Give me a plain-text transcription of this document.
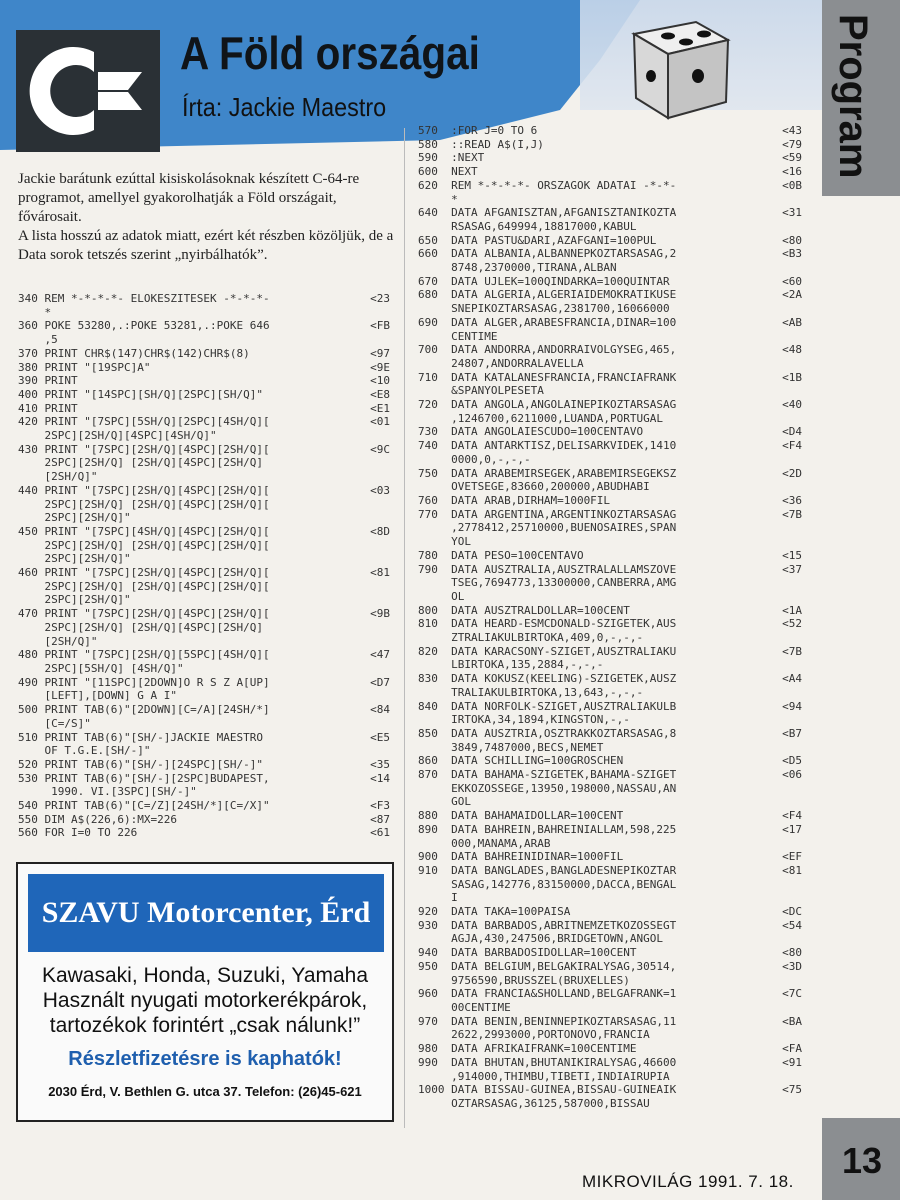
A Föld országai
Írta: Jackie Maestro	Program

Jackie barátunk ezúttal kisiskolásoknak készített C-64-re programot, amellyel gyakorolhatják a Föld országait, fővárosait.

A lista hosszú az adatok miatt, ezért két részben közöljük, de a Data sorok tetszés szerint „nyirbálhatók”.

340 REM *-*-*-*- ELOKESZITESEK -*-*-*-	<23
*
360 POKE 53280,.:POKE 53281,.:POKE 646	<FB
,5
370 PRINT CHR$(147)CHR$(142)CHR$(8)	<97
380 PRINT "[19SPC]A"	<9E
390 PRINT	<10
400 PRINT "[14SPC][SH/Q][2SPC][SH/Q]"	<E8
410 PRINT	<E1
420 PRINT "[7SPC][5SH/Q][2SPC][4SH/Q][	<01
2SPC][2SH/Q][4SPC][4SH/Q]"
430 PRINT "[7SPC][2SH/Q][4SPC][2SH/Q][	<9C
2SPC][2SH/Q] [2SH/Q][4SPC][2SH/Q]
[2SH/Q]"
440 PRINT "[7SPC][2SH/Q][4SPC][2SH/Q][	<03
2SPC][2SH/Q] [2SH/Q][4SPC][2SH/Q][
2SPC][2SH/Q]"
450 PRINT "[7SPC][4SH/Q][4SPC][2SH/Q][	<8D
2SPC][2SH/Q] [2SH/Q][4SPC][2SH/Q][
2SPC][2SH/Q]"
460 PRINT "[7SPC][2SH/Q][4SPC][2SH/Q][	<81
2SPC][2SH/Q] [2SH/Q][4SPC][2SH/Q][
2SPC][2SH/Q]"
470 PRINT "[7SPC][2SH/Q][4SPC][2SH/Q][	<9B
2SPC][2SH/Q] [2SH/Q][4SPC][2SH/Q]
[2SH/Q]"
480 PRINT "[7SPC][2SH/Q][5SPC][4SH/Q][	<47
2SPC][5SH/Q] [4SH/Q]"
490 PRINT "[11SPC][2DOWN]O R S Z A[UP]	<D7
[LEFT],[DOWN] G A I"
500 PRINT TAB(6)"[2DOWN][C=/A][24SH/*]	<84
[C=/S]"
510 PRINT TAB(6)"[SH/-]JACKIE MAESTRO	<E5
OF T.G.E.[SH/-]"
520 PRINT TAB(6)"[SH/-][24SPC][SH/-]"	<35
530 PRINT TAB(6)"[SH/-][2SPC]BUDAPEST,	<14
1990. VI.[3SPC][SH/-]"
540 PRINT TAB(6)"[C=/Z][24SH/*][C=/X]"	<F3
550 DIM A$(226,6):MX=226	<87
560 FOR I=0 TO 226	<61
570  :FOR J=0 TO 6	<43
580  ::READ A$(I,J)	<79
590  :NEXT	<59
600  NEXT	<16
620  REM *-*-*-*- ORSZAGOK ADATAI -*-*-	<0B
*
640  DATA AFGANISZTAN,AFGANISZTANIKOZTA	<31
RSASAG,649994,18817000,KABUL
650  DATA PASTU&DARI,AZAFGANI=100PUL	<80
660  DATA ALBANIA,ALBANNEPKOZTARSASAG,2	<B3
8748,2370000,TIRANA,ALBAN
670  DATA UJLEK=100QINDARKA=100QUINTAR	<60
680  DATA ALGERIA,ALGERIAIDEMOKRATIKUSE	<2A
SNEPIKOZTARSASAG,2381700,16066000
690  DATA ALGER,ARABESFRANCIA,DINAR=100	<AB
CENTIME
700  DATA ANDORRA,ANDORRAIVOLGYSEG,465,	<48
24807,ANDORRALAVELLA
710  DATA KATALANESFRANCIA,FRANCIAFRANK	<1B
&SPANYOLPESETA
720  DATA ANGOLA,ANGOLAINEPIKOZTARSASAG	<40
,1246700,6211000,LUANDA,PORTUGAL
730  DATA ANGOLAIESCUDO=100CENTAVO	<D4
740  DATA ANTARKTISZ,DELISARKVIDEK,1410	<F4
0000,0,-,-,-
750  DATA ARABEMIRSEGEK,ARABEMIRSEGEKSZ	<2D
OVETSEGE,83660,200000,ABUDHABI
760  DATA ARAB,DIRHAM=1000FIL	<36
770  DATA ARGENTINA,ARGENTINKOZTARSASAG	<7B
,2778412,25710000,BUENOSAIRES,SPAN
YOL
780  DATA PESO=100CENTAVO	<15
790  DATA AUSZTRALIA,AUSZTRALALLAMSZOVE	<37
TSEG,7694773,13300000,CANBERRA,AMG
OL
800  DATA AUSZTRALDOLLAR=100CENT	<1A
810  DATA HEARD-ESMCDONALD-SZIGETEK,AUS	<52
ZTRALIAKULBIRTOKA,409,0,-,-,-
820  DATA KARACSONY-SZIGET,AUSZTRALIAKU	<7B
LBIRTOKA,135,2884,-,-,-
830  DATA KOKUSZ(KEELING)-SZIGETEK,AUSZ	<A4
TRALIAKULBIRTOKA,13,643,-,-,-
840  DATA NORFOLK-SZIGET,AUSZTRALIAKULB	<94
IRTOKA,34,1894,KINGSTON,-,-
850  DATA AUSZTRIA,OSZTRAKKOZTARSASAG,8	<B7
3849,7487000,BECS,NEMET
860  DATA SCHILLING=100GROSCHEN	<D5
870  DATA BAHAMA-SZIGETEK,BAHAMA-SZIGET	<06
EKKOZOSSEGE,13950,198000,NASSAU,AN
GOL
880  DATA BAHAMAIDOLLAR=100CENT	<F4
890  DATA BAHREIN,BAHREINIALLAM,598,225	<17
000,MANAMA,ARAB
900  DATA BAHREINIDINAR=1000FIL	<EF
910  DATA BANGLADES,BANGLADESNEPIKOZTAR	<81
SASAG,142776,83150000,DACCA,BENGAL
I
920  DATA TAKA=100PAISA	<DC
930  DATA BARBADOS,ABRITNEMZETKOZOSSEGT	<54
AGJA,430,247506,BRIDGETOWN,ANGOL
940  DATA BARBADOSIDOLLAR=100CENT	<80
950  DATA BELGIUM,BELGAKIRALYSAG,30514,	<3D
9756590,BRUSSZEL(BRUXELLES)
960  DATA FRANCIA&SHOLLAND,BELGAFRANK=1	<7C
00CENTIME
970  DATA BENIN,BENINNEPIKOZTARSASAG,11	<BA
2622,2993000,PORTONOVO,FRANCIA
980  DATA AFRIKAIFRANK=100CENTIME	<FA
990  DATA BHUTAN,BHUTANIKIRALYSAG,46600	<91
,914000,THIMBU,TIBETI,INDIAIRUPIA
1000 DATA BISSAU-GUINEA,BISSAU-GUINEAIK	<75
OZTARSASAG,36125,587000,BISSAU
SZAVU Motorcenter, Érd
Kawasaki, Honda, Suzuki, Yamaha
Használt nyugati motorkerékpárok,
tartozékok forintért „csak nálunk!”
Részletfizetésre is kaphatók!
2030 Érd, V. Bethlen G. utca 37. Telefon: (26)45-621
MIKROVILÁG 1991. 7. 18.
13
